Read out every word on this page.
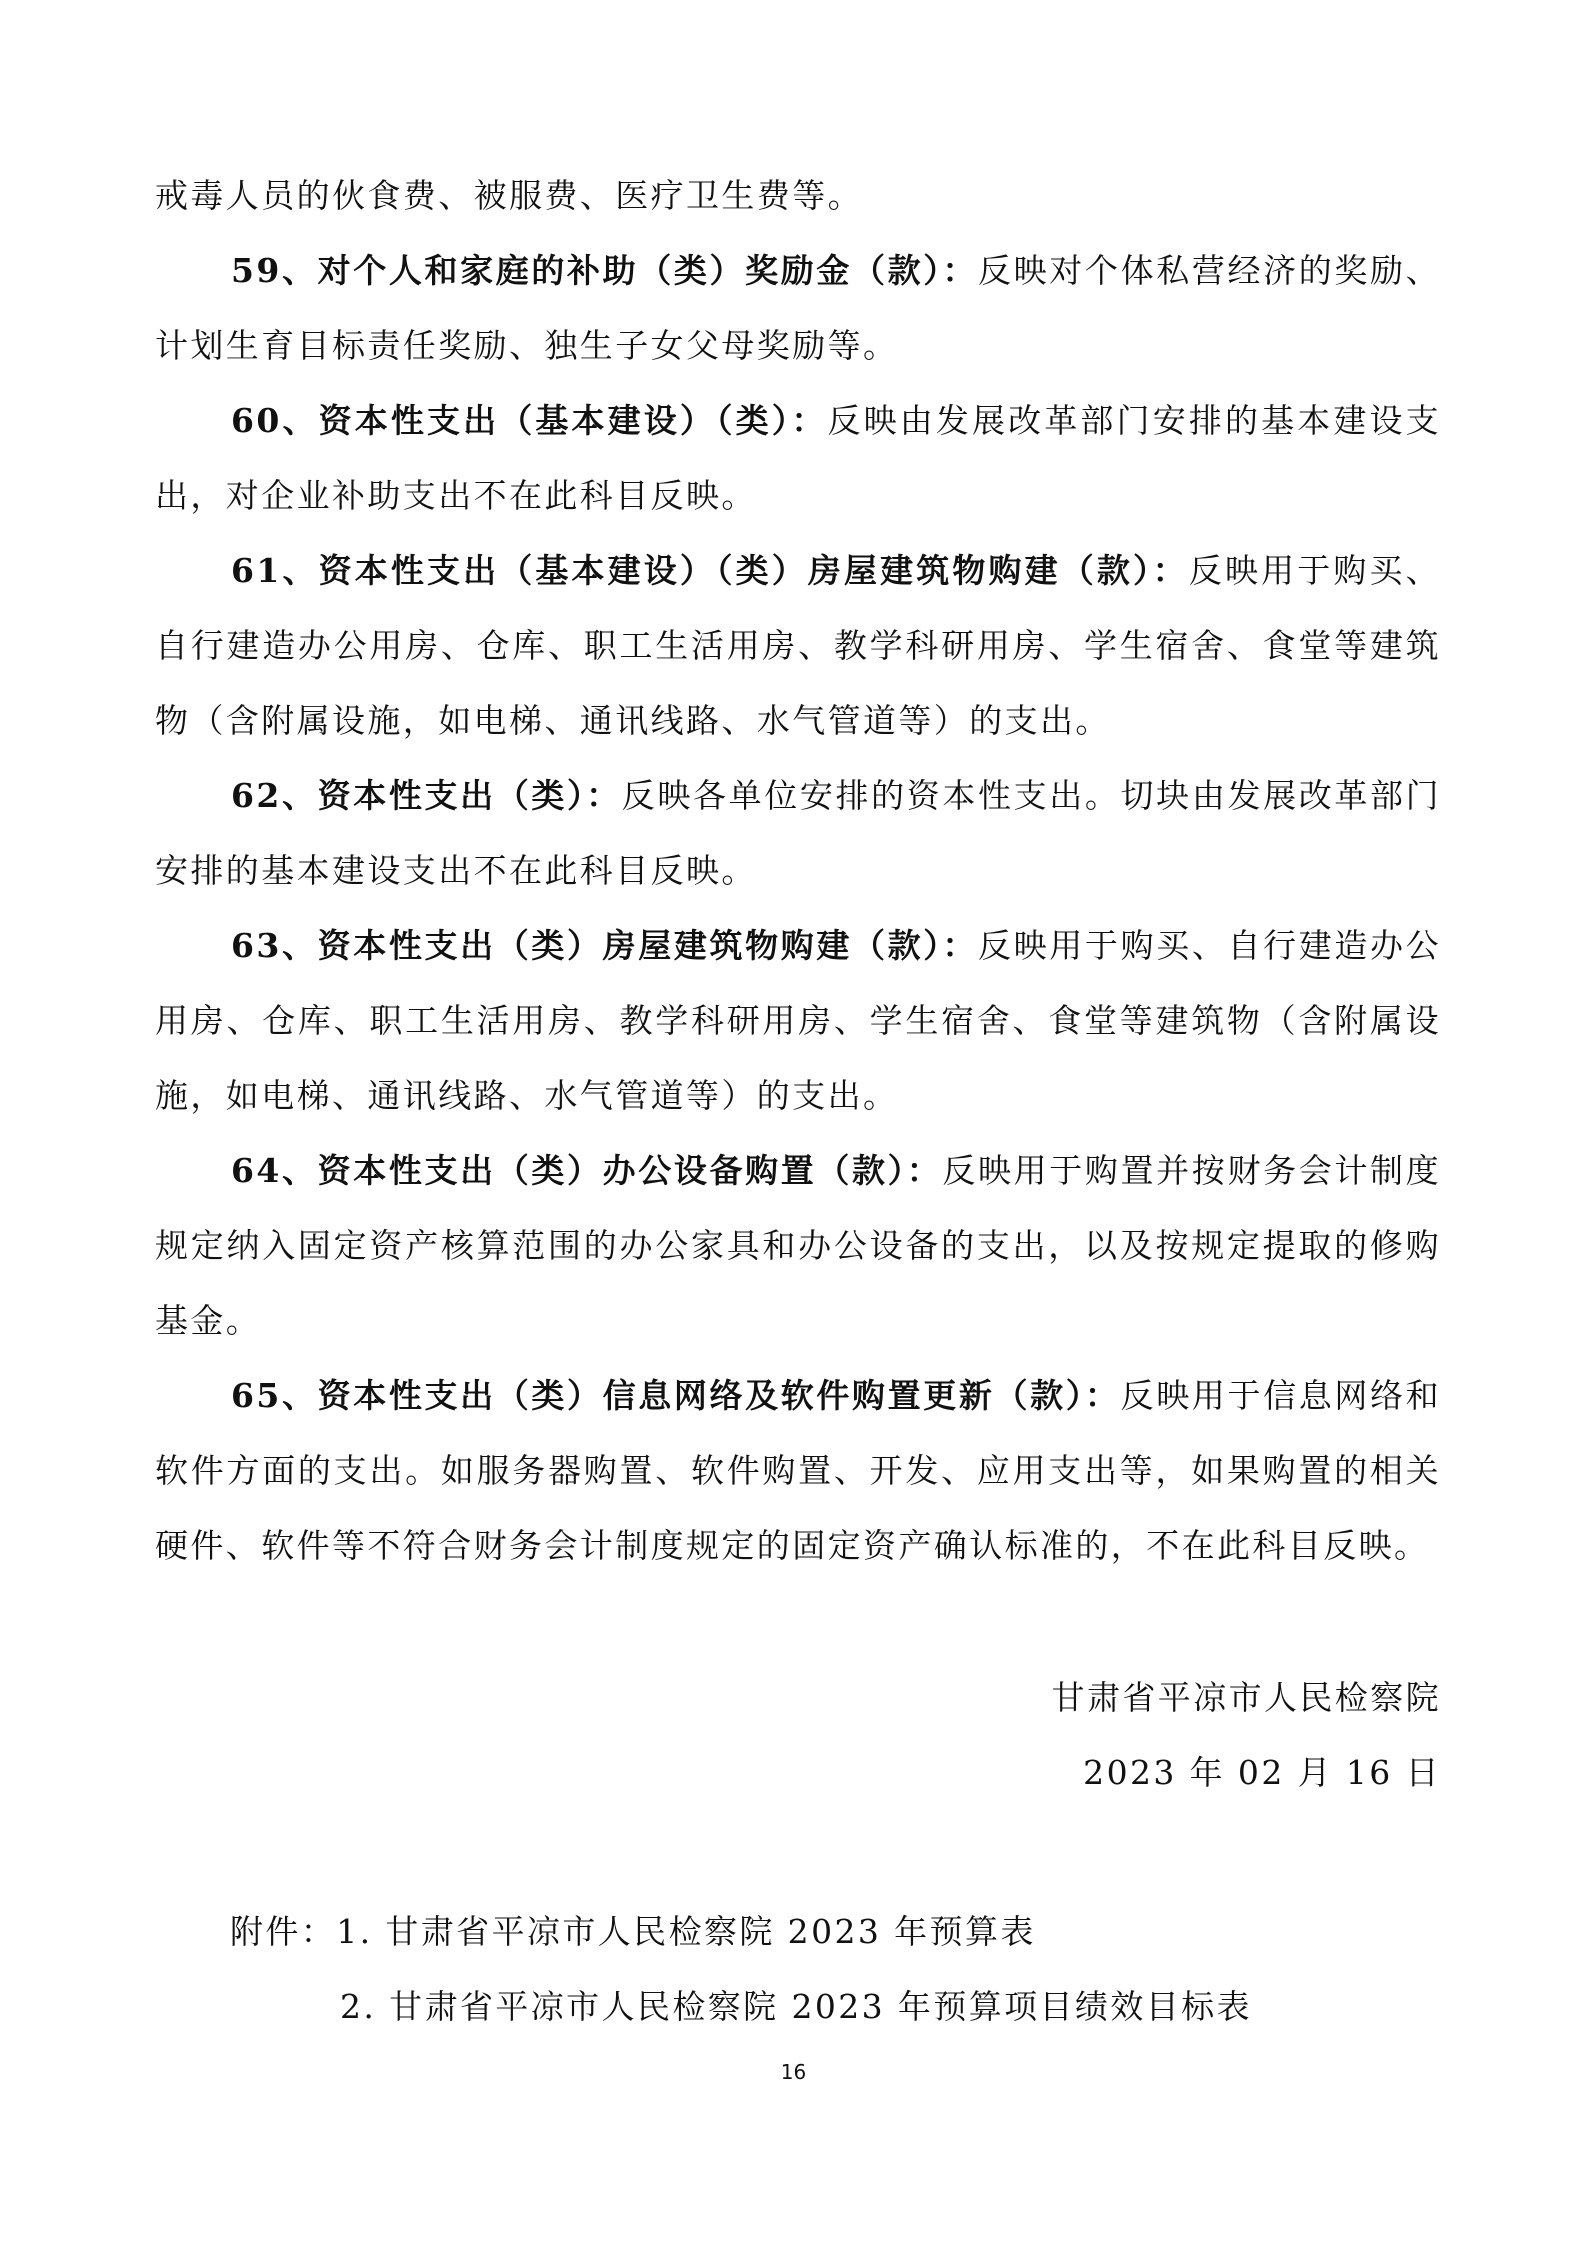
戒毒人员的伙食费、被服费、医疗卫生费等。

59、对个人和家庭的补助（类）奖励金（款）：反映对个体私营经济的奖励、计划生育目标责任奖励、独生子女父母奖励等。

60、资本性支出（基本建设）（类）：反映由发展改革部门安排的基本建设支出，对企业补助支出不在此科目反映。

61、资本性支出（基本建设）（类）房屋建筑物购建（款）：反映用于购买、自行建造办公用房、仓库、职工生活用房、教学科研用房、学生宿舍、食堂等建筑物（含附属设施，如电梯、通讯线路、水气管道等）的支出。

62、资本性支出（类）：反映各单位安排的资本性支出。切块由发展改革部门安排的基本建设支出不在此科目反映。

63、资本性支出（类）房屋建筑物购建（款）：反映用于购买、自行建造办公用房、仓库、职工生活用房、教学科研用房、学生宿舍、食堂等建筑物（含附属设施，如电梯、通讯线路、水气管道等）的支出。

64、资本性支出（类）办公设备购置（款）：反映用于购置并按财务会计制度规定纳入固定资产核算范围的办公家具和办公设备的支出，以及按规定提取的修购基金。

65、资本性支出（类）信息网络及软件购置更新（款）：反映用于信息网络和软件方面的支出。如服务器购置、软件购置、开发、应用支出等，如果购置的相关硬件、软件等不符合财务会计制度规定的固定资产确认标准的，不在此科目反映。

甘肃省平凉市人民检察院
2023 年 02 月 16 日
附件：1. 甘肃省平凉市人民检察院 2023 年预算表
2. 甘肃省平凉市人民检察院 2023 年预算项目绩效目标表
16
